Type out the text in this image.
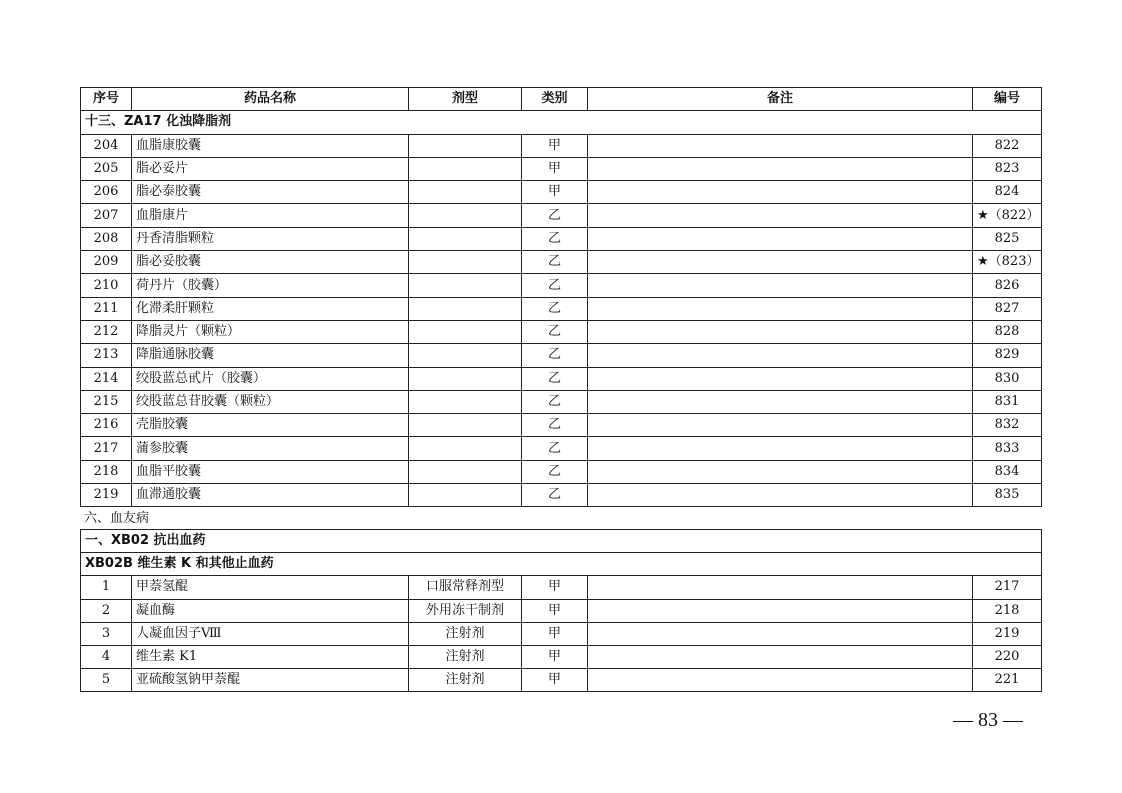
序号	药品名称	剂型	类别	备注	编号
十三、ZA17 化浊降脂剂					
204	血脂康胶囊		甲		822
205	脂必妥片		甲		823
206	脂必泰胶囊		甲		824
207	血脂康片		乙		★（822）
208	丹香清脂颗粒		乙		825
209	脂必妥胶囊		乙		★（823）
210	荷丹片（胶囊）		乙		826
211	化滞柔肝颗粒		乙		827
212	降脂灵片（颗粒）		乙		828
213	降脂通脉胶囊		乙		829
214	绞股蓝总甙片（胶囊）		乙		830
215	绞股蓝总苷胶囊（颗粒）		乙		831
216	壳脂胶囊		乙		832
217	蒲参胶囊		乙		833
218	血脂平胶囊		乙		834
219	血滞通胶囊		乙		835
六、血友病
一、XB02 抗出血药					
XB02B 维生素 K 和其他止血药					
1	甲萘氢醌	口服常释剂型	甲		217
2	凝血酶	外用冻干制剂	甲		218
3	人凝血因子Ⅷ	注射剂	甲		219
4	维生素 K1	注射剂	甲		220
5	亚硫酸氢钠甲萘醌	注射剂	甲		221
— 83 —
